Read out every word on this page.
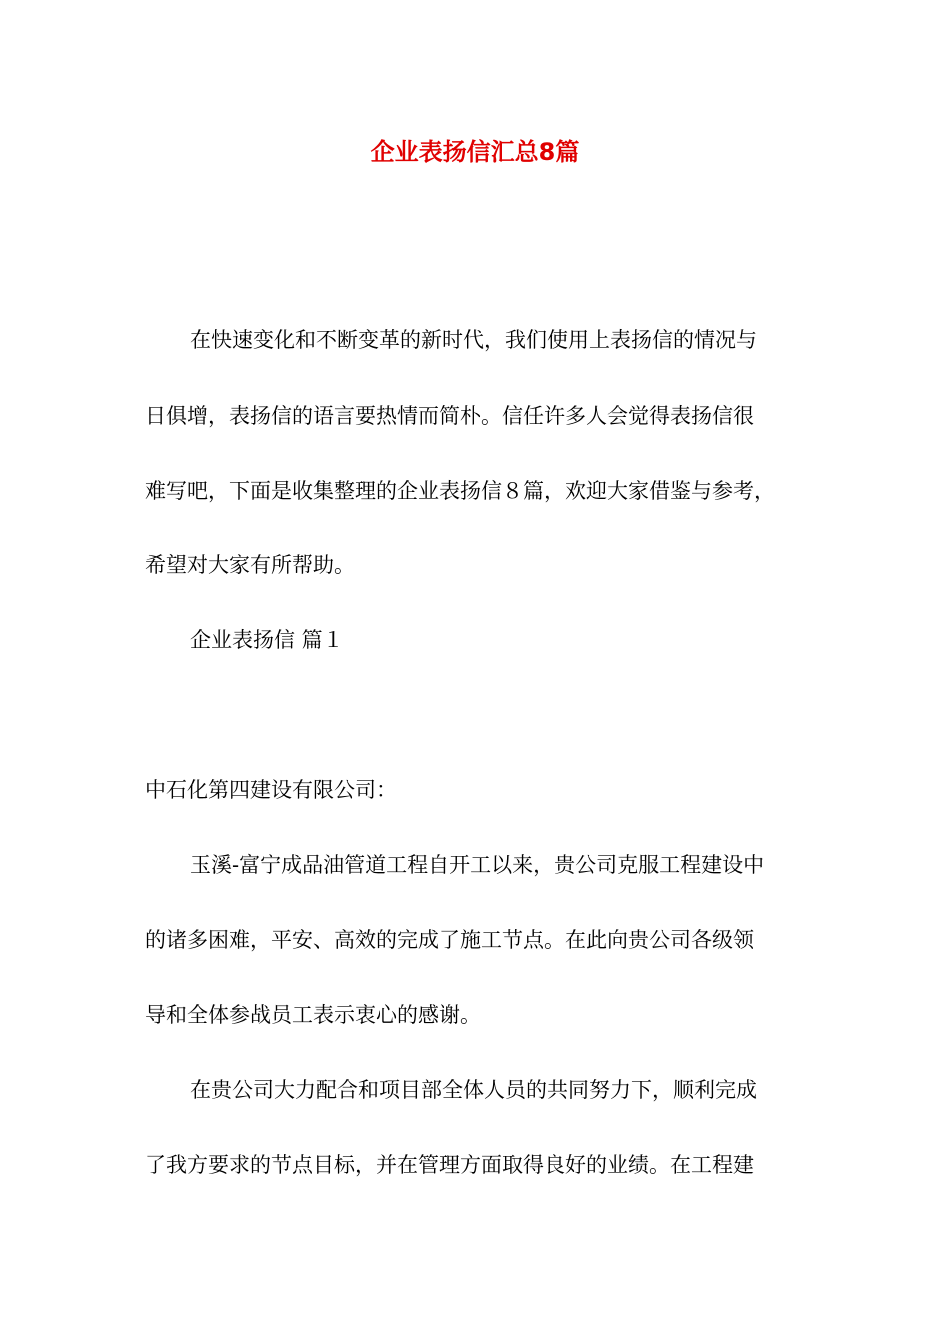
企业表扬信汇总8篇
在快速变化和不断变革的新时代，我们使用上表扬信的情况与
日俱增，表扬信的语言要热情而简朴。信任许多人会觉得表扬信很
难写吧，下面是收集整理的企业表扬信８篇，欢迎大家借鉴与参考，
希望对大家有所帮助。
企业表扬信 篇１
中石化第四建设有限公司：
玉溪-富宁成品油管道工程自开工以来，贵公司克服工程建设中
的诸多困难，平安、高效的完成了施工节点。在此向贵公司各级领
导和全体参战员工表示衷心的感谢。
在贵公司大力配合和项目部全体人员的共同努力下，顺利完成
了我方要求的节点目标，并在管理方面取得良好的业绩。在工程建
